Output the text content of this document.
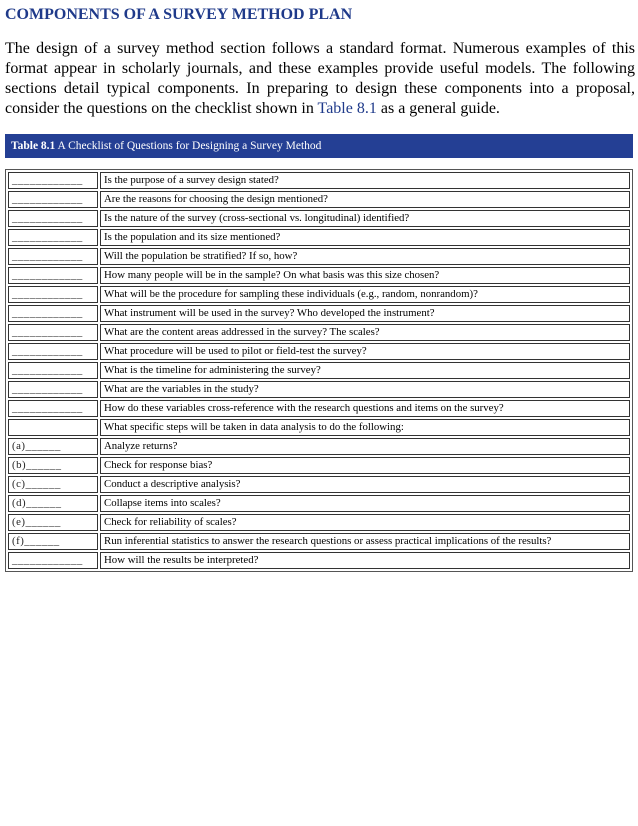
COMPONENTS OF A SURVEY METHOD PLAN

The design of a survey method section follows a standard format. Numerous examples of this format appear in scholarly journals, and these examples provide useful models. The following sections detail typical components. In preparing to design these components into a proposal, consider the questions on the checklist shown in Table 8.1 as a general guide.

Table 8.1 A Checklist of Questions for Designing a Survey Method
____________	Is the purpose of a survey design stated?
____________	Are the reasons for choosing the design mentioned?
____________	Is the nature of the survey (cross-sectional vs. longitudinal) identified?
____________	Is the population and its size mentioned?
____________	Will the population be stratified? If so, how?
____________	How many people will be in the sample? On what basis was this size chosen?
____________	What will be the procedure for sampling these individuals (e.g., random, nonrandom)?
____________	What instrument will be used in the survey? Who developed the instrument?
____________	What are the content areas addressed in the survey? The scales?
____________	What procedure will be used to pilot or field-test the survey?
____________	What is the timeline for administering the survey?
____________	What are the variables in the study?
____________	How do these variables cross-reference with the research questions and items on the survey?
	What specific steps will be taken in data analysis to do the following:
(a)______	Analyze returns?
(b)______	Check for response bias?
(c)______	Conduct a descriptive analysis?
(d)______	Collapse items into scales?
(e)______	Check for reliability of scales?
(f)______	Run inferential statistics to answer the research questions or assess practical implications of the results?
____________	How will the results be interpreted?
